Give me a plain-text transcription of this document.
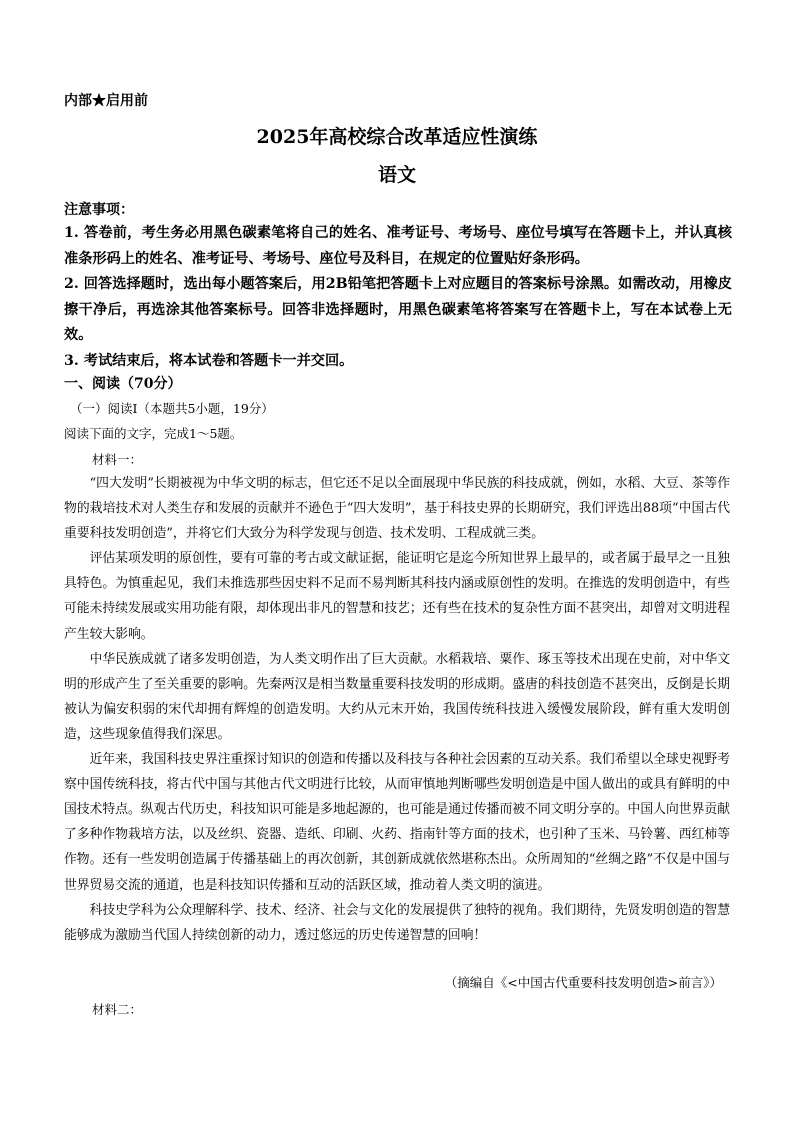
内部★启用前
2025年高校综合改革适应性演练
语文
注意事项：

1. 答卷前，考生务必用黑色碳素笔将自己的姓名、准考证号、考场号、座位号填写在答题卡上，并认真核准条形码上的姓名、准考证号、考场号、座位号及科目，在规定的位置贴好条形码。

2. 回答选择题时，选出每小题答案后，用2B铅笔把答题卡上对应题目的答案标号涂黑。如需改动，用橡皮擦干净后，再选涂其他答案标号。回答非选择题时，用黑色碳素笔将答案写在答题卡上，写在本试卷上无效。

3. 考试结束后，将本试卷和答题卡一并交回。

一、阅读（70分）
（一）阅读Ⅰ（本题共5小题，19分）
阅读下面的文字，完成1～5题。
材料一：

“四大发明”长期被视为中华文明的标志，但它还不足以全面展现中华民族的科技成就，例如，水稻、大豆、茶等作物的栽培技术对人类生存和发展的贡献并不逊色于“四大发明”，基于科技史界的长期研究，我们评选出88项“中国古代重要科技发明创造”，并将它们大致分为科学发现与创造、技术发明、工程成就三类。

评估某项发明的原创性，要有可靠的考古或文献证据，能证明它是迄今所知世界上最早的，或者属于最早之一且独具特色。为慎重起见，我们未推选那些因史料不足而不易判断其科技内涵或原创性的发明。在推选的发明创造中，有些可能未持续发展或实用功能有限，却体现出非凡的智慧和技艺；还有些在技术的复杂性方面不甚突出，却曾对文明进程产生较大影响。

中华民族成就了诸多发明创造，为人类文明作出了巨大贡献。水稻栽培、粟作、琢玉等技术出现在史前，对中华文明的形成产生了至关重要的影响。先秦两汉是相当数量重要科技发明的形成期。盛唐的科技创造不甚突出，反倒是长期被认为偏安积弱的宋代却拥有辉煌的创造发明。大约从元末开始，我国传统科技进入缓慢发展阶段，鲜有重大发明创造，这些现象值得我们深思。

近年来，我国科技史界注重探讨知识的创造和传播以及科技与各种社会因素的互动关系。我们希望以全球史视野考察中国传统科技，将古代中国与其他古代文明进行比较，从而审慎地判断哪些发明创造是中国人做出的或具有鲜明的中国技术特点。纵观古代历史，科技知识可能是多地起源的，也可能是通过传播而被不同文明分享的。中国人向世界贡献了多种作物栽培方法，以及丝织、瓷器、造纸、印刷、火药、指南针等方面的技术，也引种了玉米、马铃薯、西红柿等作物。还有一些发明创造属于传播基础上的再次创新，其创新成就依然堪称杰出。众所周知的“丝绸之路”不仅是中国与世界贸易交流的通道，也是科技知识传播和互动的活跃区域，推动着人类文明的演进。

科技史学科为公众理解科学、技术、经济、社会与文化的发展提供了独特的视角。我们期待，先贤发明创造的智慧能够成为激励当代国人持续创新的动力，透过悠远的历史传递智慧的回响！

（摘编自《<中国古代重要科技发明创造>前言》）
材料二：
